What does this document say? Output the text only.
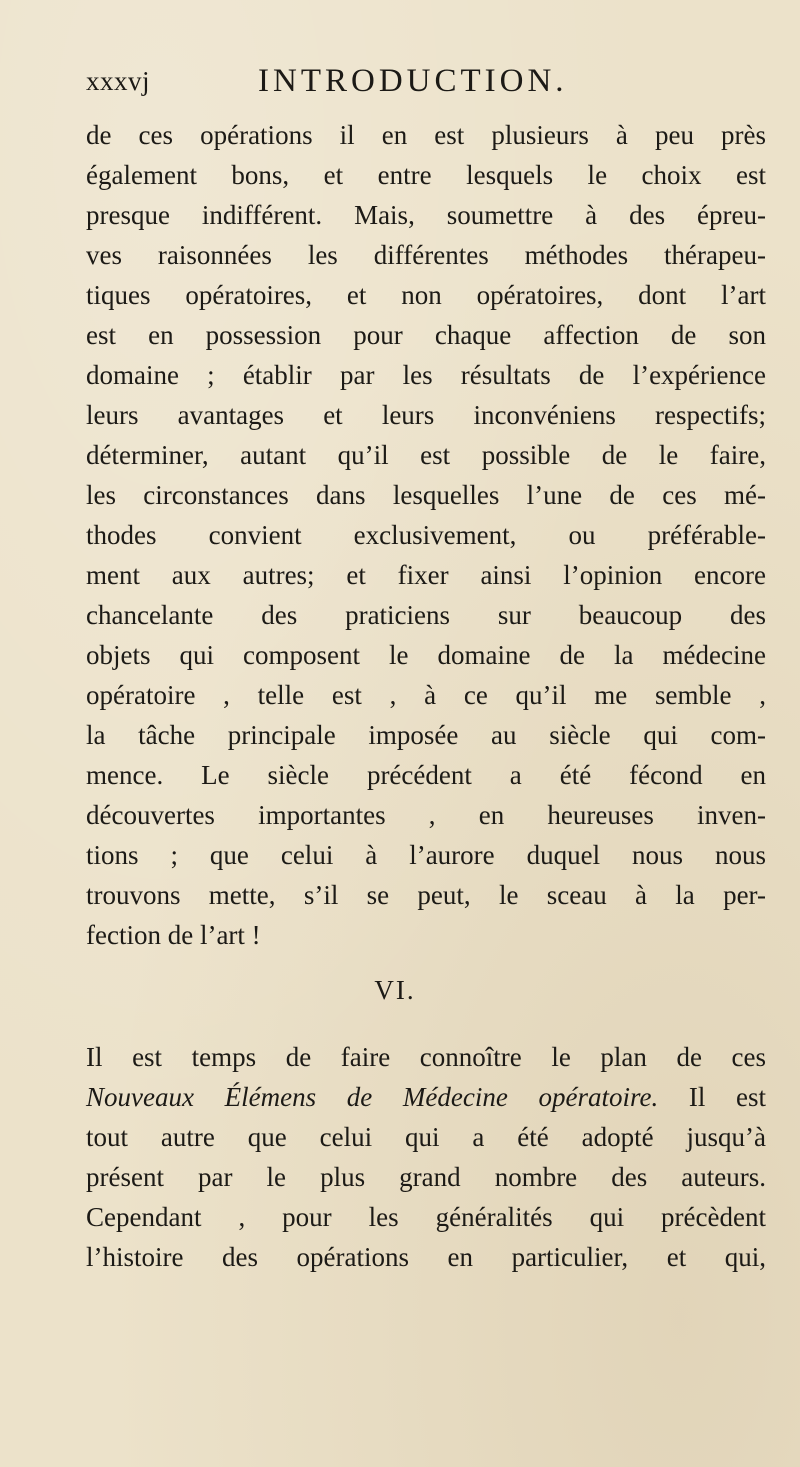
xxxvj	INTRODUCTION.
de ces opérations il en est plusieurs à peu près
également bons, et entre lesquels le choix est
presque indifférent. Mais, soumettre à des épreu-
ves raisonnées les différentes méthodes thérapeu-
tiques opératoires, et non opératoires, dont l’art
est en possession pour chaque affection de son
domaine ; établir par les résultats de l’expérience
leurs avantages et leurs inconvéniens respectifs;
déterminer, autant qu’il est possible de le faire,
les circonstances dans lesquelles l’une de ces mé-
thodes convient exclusivement, ou préférable-
ment aux autres; et fixer ainsi l’opinion encore
chancelante des praticiens sur beaucoup des
objets qui composent le domaine de la médecine
opératoire , telle est , à ce qu’il me semble ,
la tâche principale imposée au siècle qui com-
mence. Le siècle précédent a été fécond en
découvertes importantes , en heureuses inven-
tions ; que celui à l’aurore duquel nous nous
trouvons mette, s’il se peut, le sceau à la per-
fection de l’art !
VI.
Il est temps de faire connoître le plan de ces
Nouveaux Élémens de Médecine opératoire. Il est
tout autre que celui qui a été adopté jusqu’à
présent par le plus grand nombre des auteurs.
Cependant , pour les généralités qui précèdent
l’histoire des opérations en particulier, et qui,
